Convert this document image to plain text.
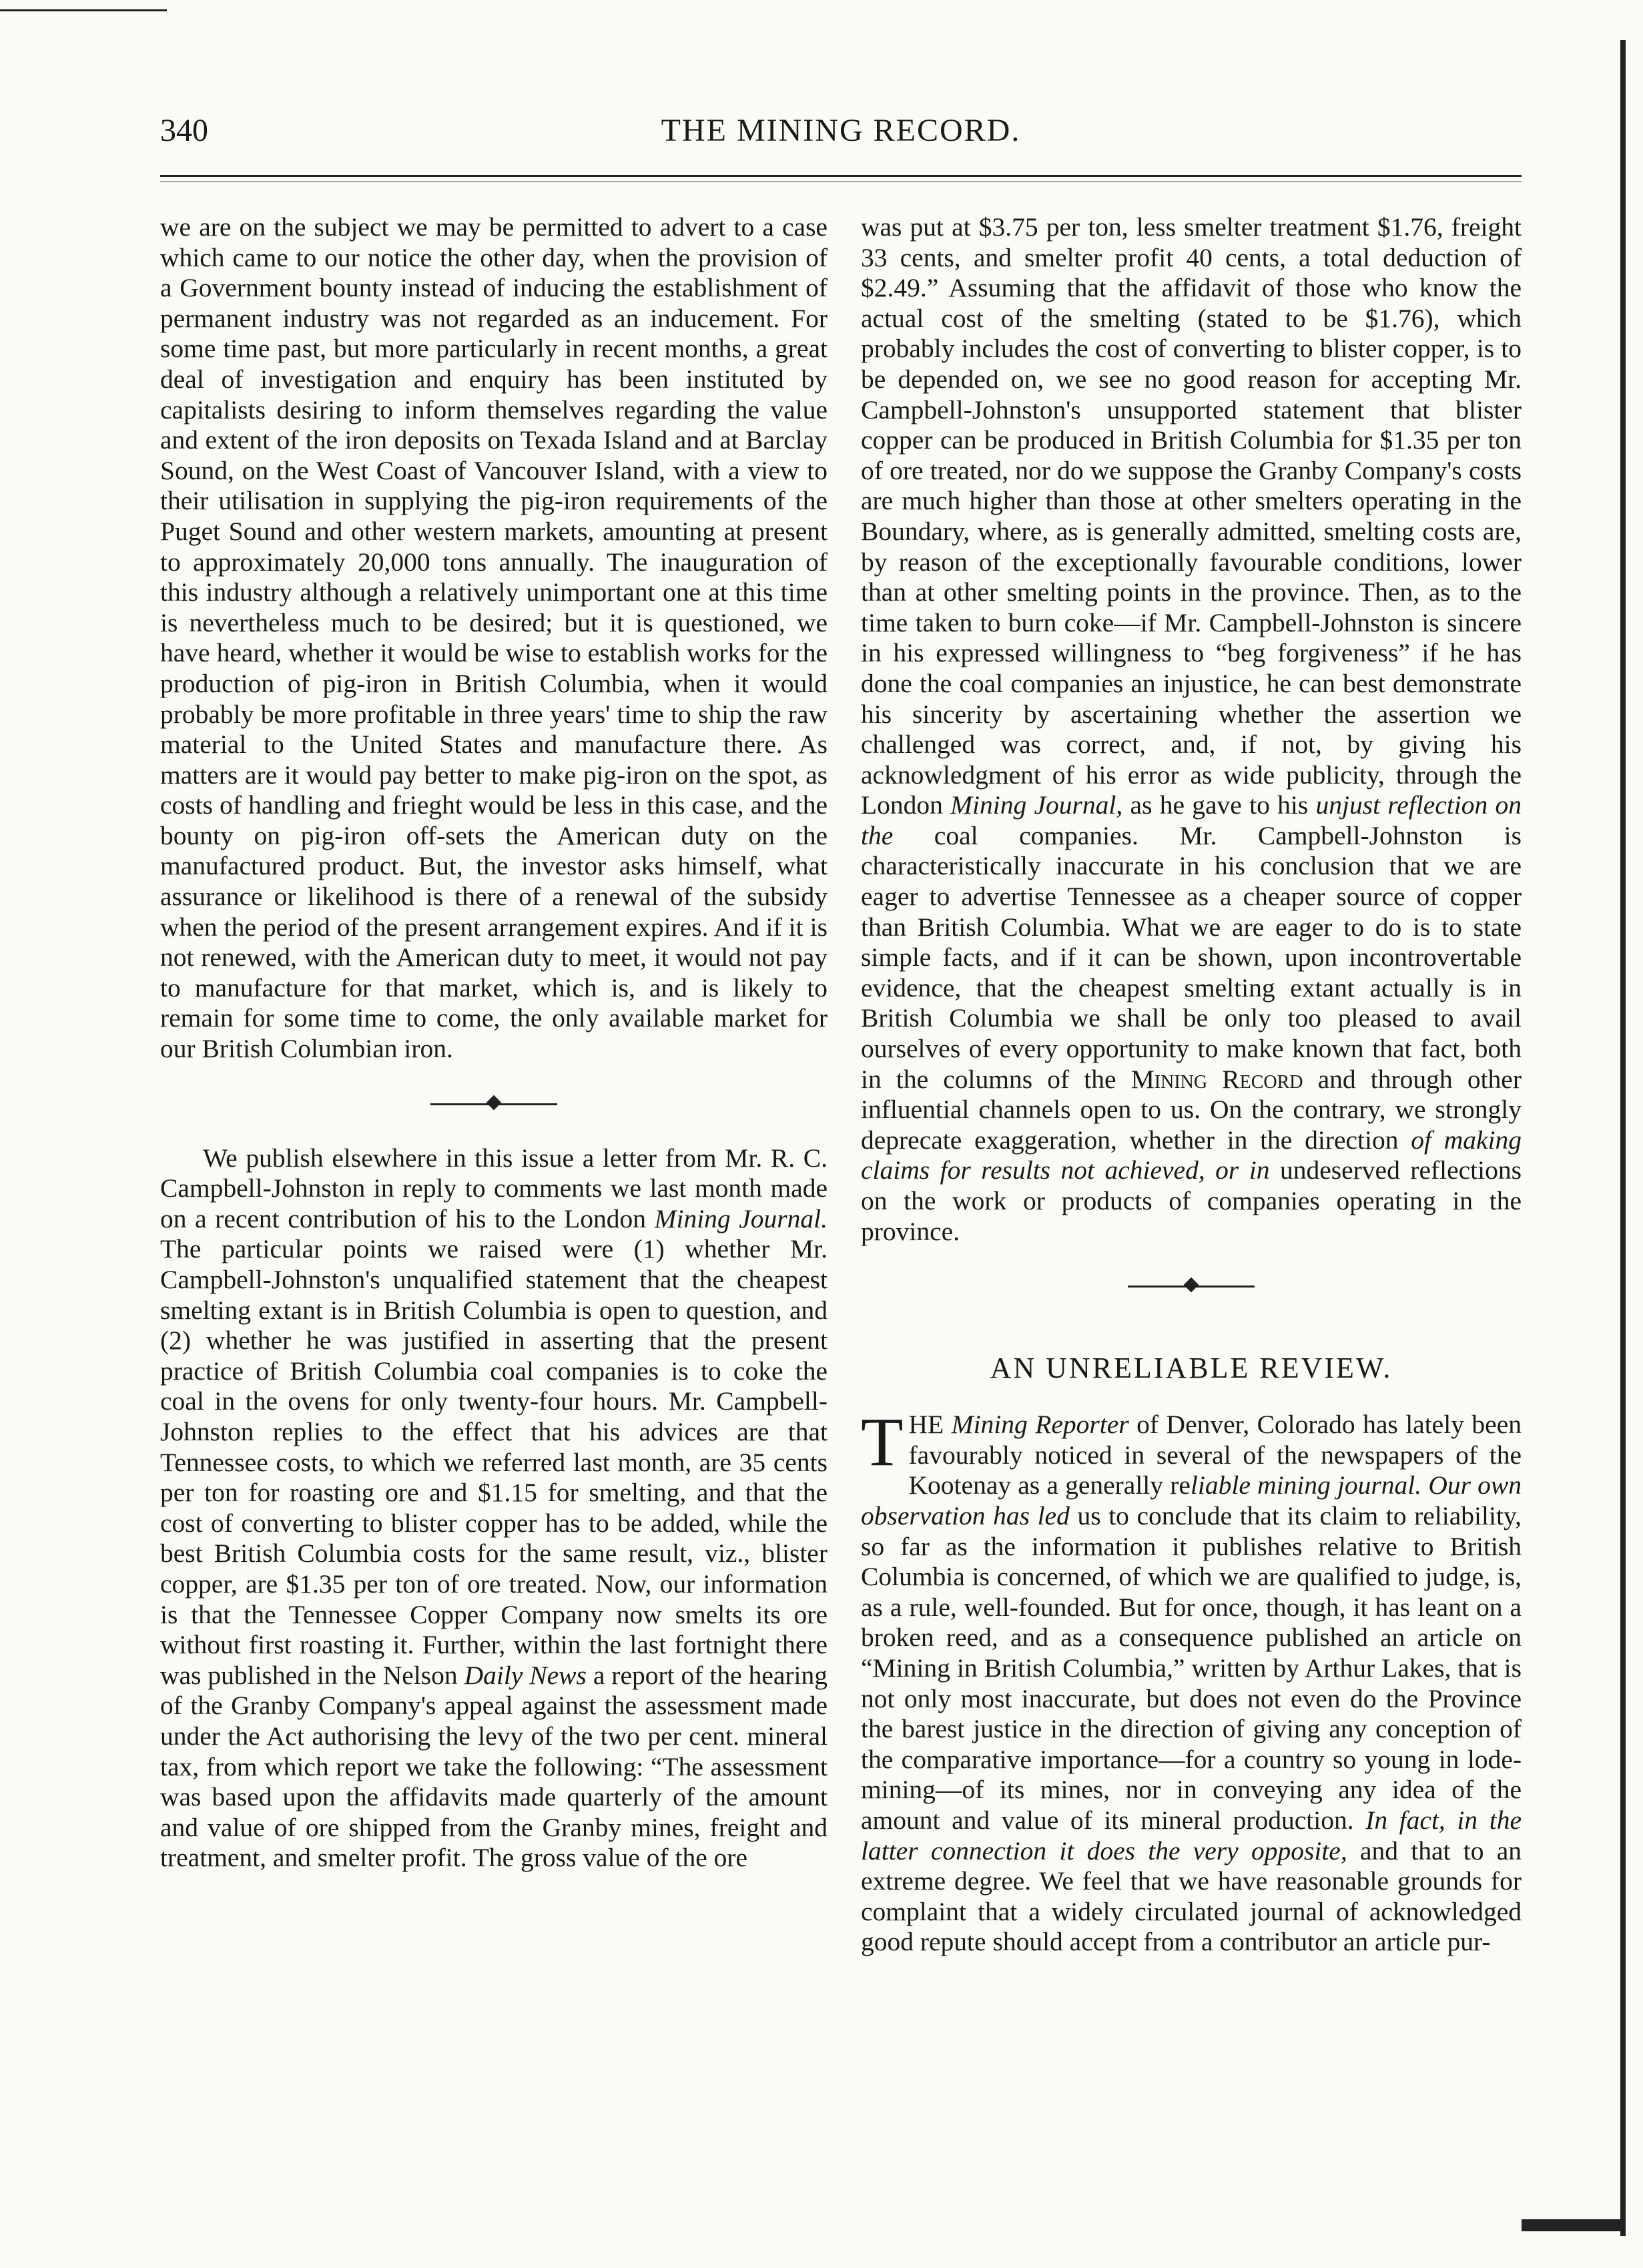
340	THE MINING RECORD.

we are on the subject we may be permitted to advert to a case which came to our notice the other day, when the provision of a Government bounty instead of inducing the establishment of permanent industry was not regarded as an inducement. For some time past, but more particularly in recent months, a great deal of investigation and enquiry has been instituted by capitalists desiring to inform themselves regarding the value and extent of the iron deposits on Texada Island and at Barclay Sound, on the West Coast of Vancouver Island, with a view to their utilisation in supplying the pig-iron requirements of the Puget Sound and other western markets, amounting at present to approximately 20,000 tons annually. The inauguration of this industry although a relatively unimportant one at this time is nevertheless much to be desired; but it is questioned, we have heard, whether it would be wise to establish works for the production of pig-iron in British Columbia, when it would probably be more profitable in three years' time to ship the raw material to the United States and manufacture there. As matters are it would pay better to make pig-iron on the spot, as costs of handling and frieght would be less in this case, and the bounty on pig-iron off-sets the American duty on the manufactured product. But, the investor asks himself, what assurance or likelihood is there of a renewal of the subsidy when the period of the present arrangement expires. And if it is not renewed, with the American duty to meet, it would not pay to manufacture for that market, which is, and is likely to remain for some time to come, the only available market for our British Columbian iron.

We publish elsewhere in this issue a letter from Mr. R. C. Campbell-Johnston in reply to comments we last month made on a recent contribution of his to the London Mining Journal. The particular points we raised were (1) whether Mr. Campbell-Johnston's unqualified statement that the cheapest smelting extant is in British Columbia is open to question, and (2) whether he was justified in asserting that the present practice of British Columbia coal companies is to coke the coal in the ovens for only twenty-four hours. Mr. Campbell-Johnston replies to the effect that his advices are that Tennessee costs, to which we referred last month, are 35 cents per ton for roasting ore and $1.15 for smelting, and that the cost of converting to blister copper has to be added, while the best British Columbia costs for the same result, viz., blister copper, are $1.35 per ton of ore treated. Now, our information is that the Tennessee Copper Company now smelts its ore without first roasting it. Further, within the last fortnight there was published in the Nelson Daily News a report of the hearing of the Granby Company's appeal against the assessment made under the Act authorising the levy of the two per cent. mineral tax, from which report we take the following: “The assessment was based upon the affidavits made quarterly of the amount and value of ore shipped from the Granby mines, freight and treatment, and smelter profit. The gross value of the ore

was put at $3.75 per ton, less smelter treatment $1.76, freight 33 cents, and smelter profit 40 cents, a total deduction of $2.49.” Assuming that the affidavit of those who know the actual cost of the smelting (stated to be $1.76), which probably includes the cost of converting to blister copper, is to be depended on, we see no good reason for accepting Mr. Campbell-Johnston's unsupported statement that blister copper can be produced in British Columbia for $1.35 per ton of ore treated, nor do we suppose the Granby Company's costs are much higher than those at other smelters operating in the Boundary, where, as is generally admitted, smelting costs are, by reason of the exceptionally favourable conditions, lower than at other smelting points in the province. Then, as to the time taken to burn coke—if Mr. Campbell-Johnston is sincere in his expressed willingness to “beg forgiveness” if he has done the coal companies an injustice, he can best demonstrate his sincerity by ascertaining whether the assertion we challenged was correct, and, if not, by giving his acknowledgment of his error as wide publicity, through the London Mining Journal, as he gave to his unjust reflection on the coal companies. Mr. Campbell-Johnston is characteristically inaccurate in his conclusion that we are eager to advertise Tennessee as a cheaper source of copper than British Columbia. What we are eager to do is to state simple facts, and if it can be shown, upon incontrovertable evidence, that the cheapest smelting extant actually is in British Columbia we shall be only too pleased to avail ourselves of every opportunity to make known that fact, both in the columns of the Mining Record and through other influential channels open to us. On the contrary, we strongly deprecate exaggeration, whether in the direction of making claims for results not achieved, or in undeserved reflections on the work or products of companies operating in the province.

AN UNRELIABLE REVIEW.

THE Mining Reporter of Denver, Colorado has lately been favourably noticed in several of the newspapers of the Kootenay as a generally reliable mining journal. Our own observation has led us to conclude that its claim to reliability, so far as the information it publishes relative to British Columbia is concerned, of which we are qualified to judge, is, as a rule, well-founded. But for once, though, it has leant on a broken reed, and as a consequence published an article on “Mining in British Columbia,” written by Arthur Lakes, that is not only most inaccurate, but does not even do the Province the barest justice in the direction of giving any conception of the comparative importance—for a country so young in lode-mining—of its mines, nor in conveying any idea of the amount and value of its mineral production. In fact, in the latter connection it does the very opposite, and that to an extreme degree. We feel that we have reasonable grounds for complaint that a widely circulated journal of acknowledged good repute should accept from a contributor an article pur-
